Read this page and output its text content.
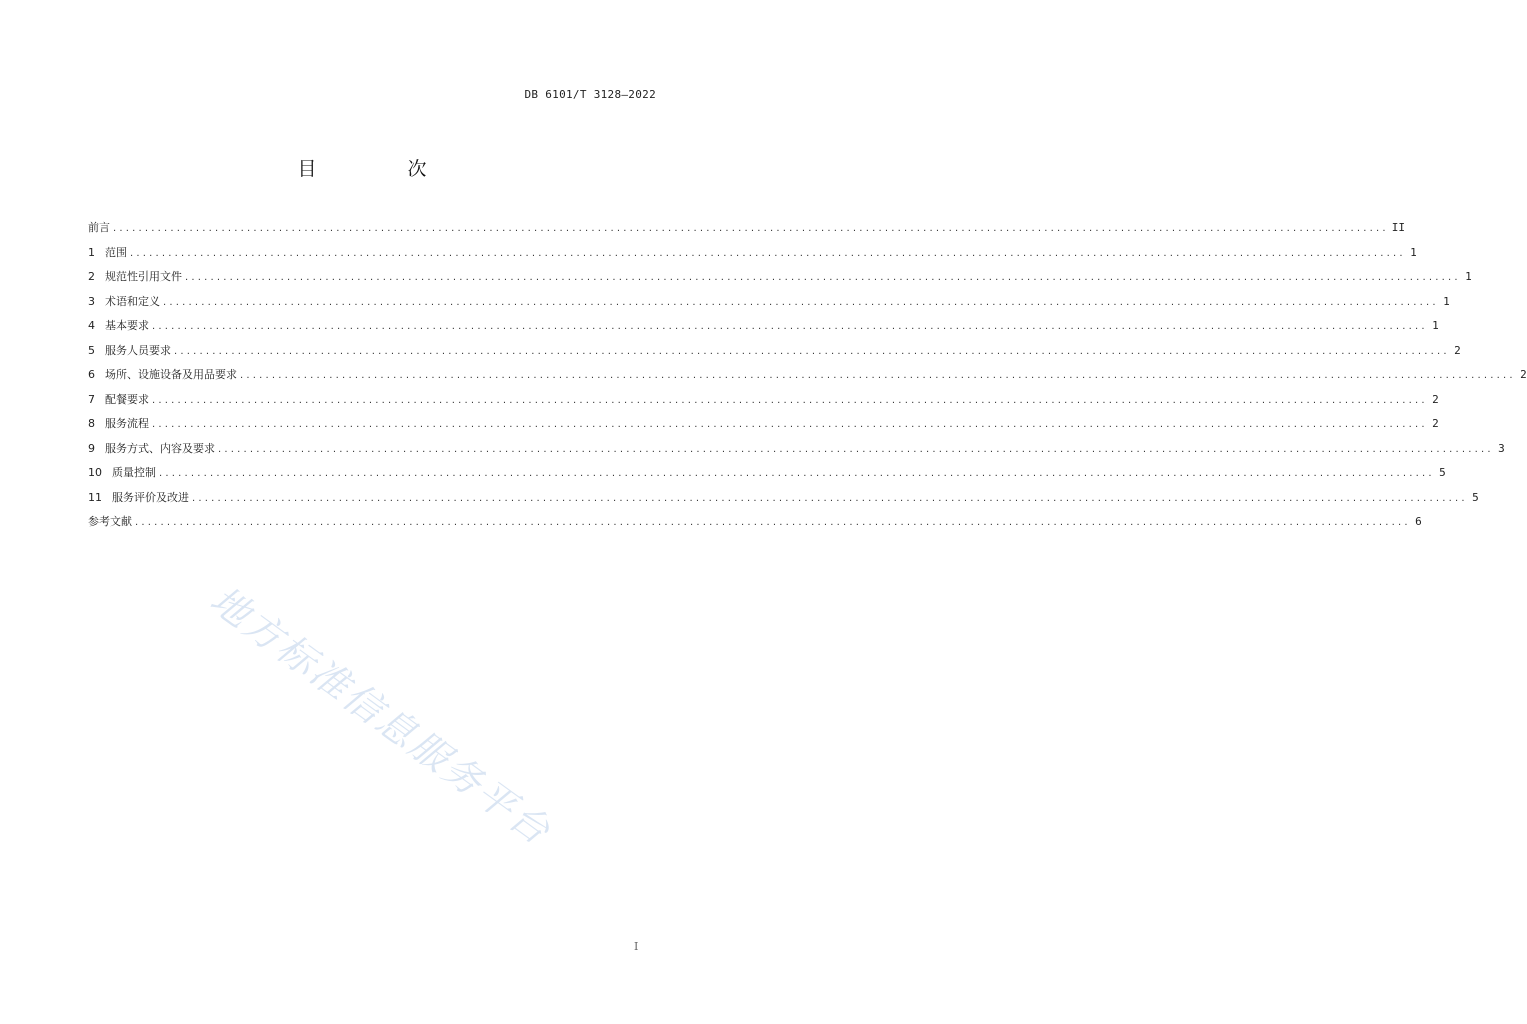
DB 6101/T 3128—2022
目　次
前言 ........................................................................................................................................................................................................ II
1 范围 ........................................................................................................................................................................................................ 1
2 规范性引用文件 ........................................................................................................................................................................................................ 1
3 术语和定义 ........................................................................................................................................................................................................ 1
4 基本要求 ........................................................................................................................................................................................................ 1
5 服务人员要求 ........................................................................................................................................................................................................ 2
6 场所、设施设备及用品要求 ........................................................................................................................................................................................................ 2
7 配餐要求 ........................................................................................................................................................................................................ 2
8 服务流程 ........................................................................................................................................................................................................ 2
9 服务方式、内容及要求 ........................................................................................................................................................................................................ 3
10 质量控制 ........................................................................................................................................................................................................ 5
11 服务评价及改进 ........................................................................................................................................................................................................ 5
参考文献 ........................................................................................................................................................................................................ 6
地方标准信息服务平台
I
